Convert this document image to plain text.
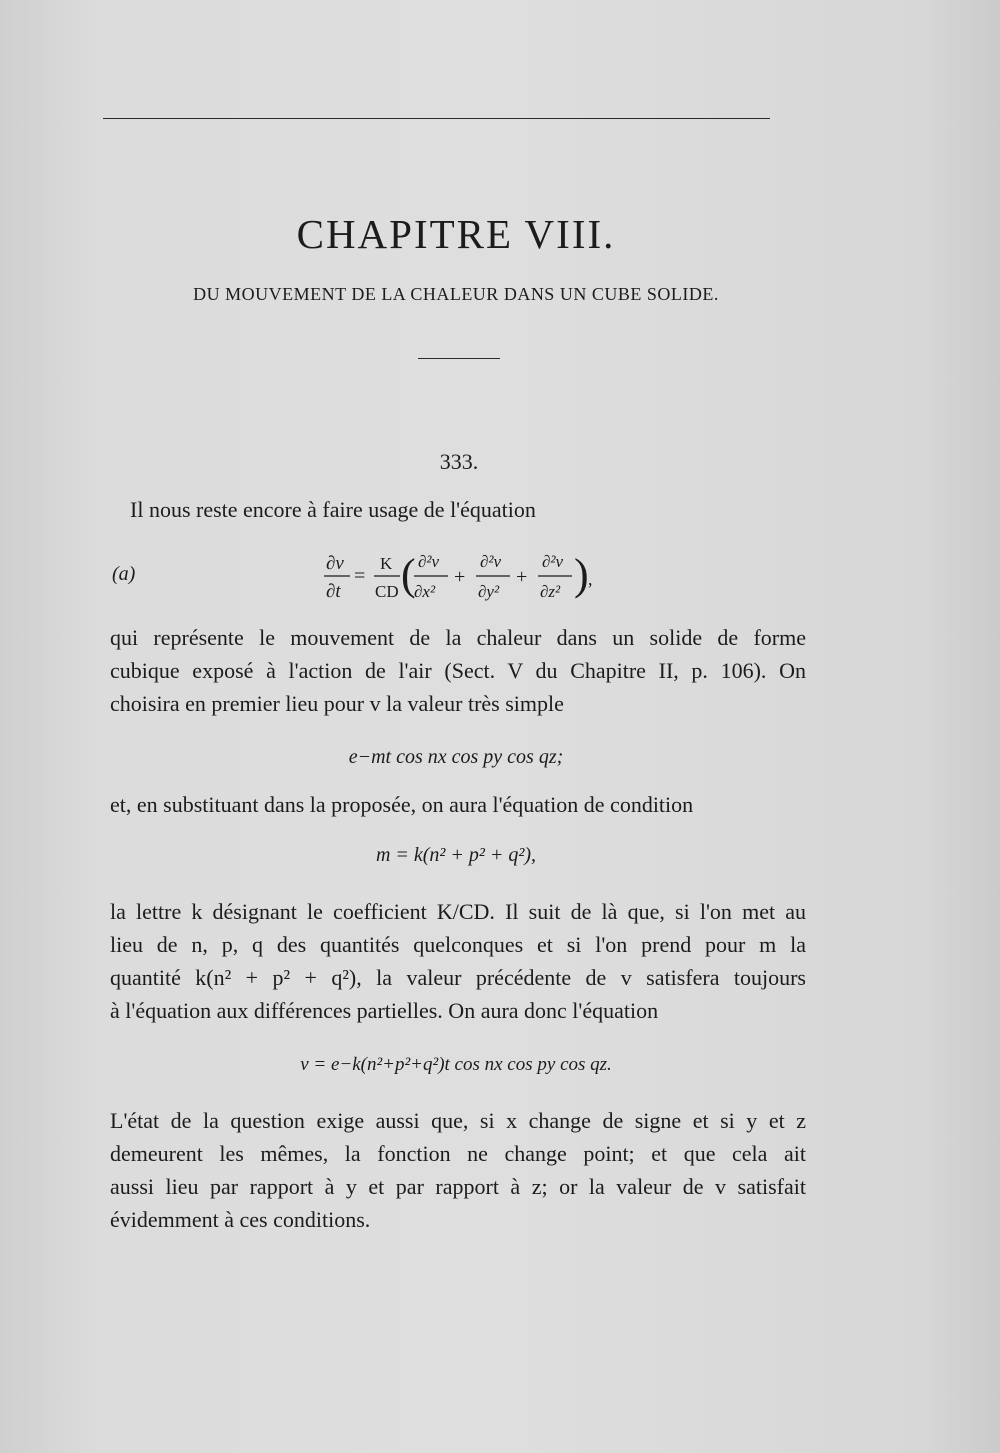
CHAPITRE VIII.
DU MOUVEMENT DE LA CHALEUR DANS UN CUBE SOLIDE.
333.
Il nous reste encore à faire usage de l'équation
(a)	∂v
∂t
=
K
CD ( ∂²v
∂x²
+
∂²v
∂y²
+
∂²v
∂z² ) ,
qui représente le mouvement de la chaleur dans un solide de forme
cubique exposé à l'action de l'air (Sect. V du Chapitre II, p. 106). On
choisira en premier lieu pour v la valeur très simple
e−mt cos nx cos py cos qz;
et, en substituant dans la proposée, on aura l'équation de condition
m = k(n² + p² + q²),
la lettre k désignant le coefficient K/CD. Il suit de là que, si l'on met au
lieu de n, p, q des quantités quelconques et si l'on prend pour m la
quantité k(n² + p² + q²), la valeur précédente de v satisfera toujours
à l'équation aux différences partielles. On aura donc l'équation
v = e−k(n²+p²+q²)t cos nx cos py cos qz.
L'état de la question exige aussi que, si x change de signe et si y et z
demeurent les mêmes, la fonction ne change point; et que cela ait
aussi lieu par rapport à y et par rapport à z; or la valeur de v satisfait
évidemment à ces conditions.
